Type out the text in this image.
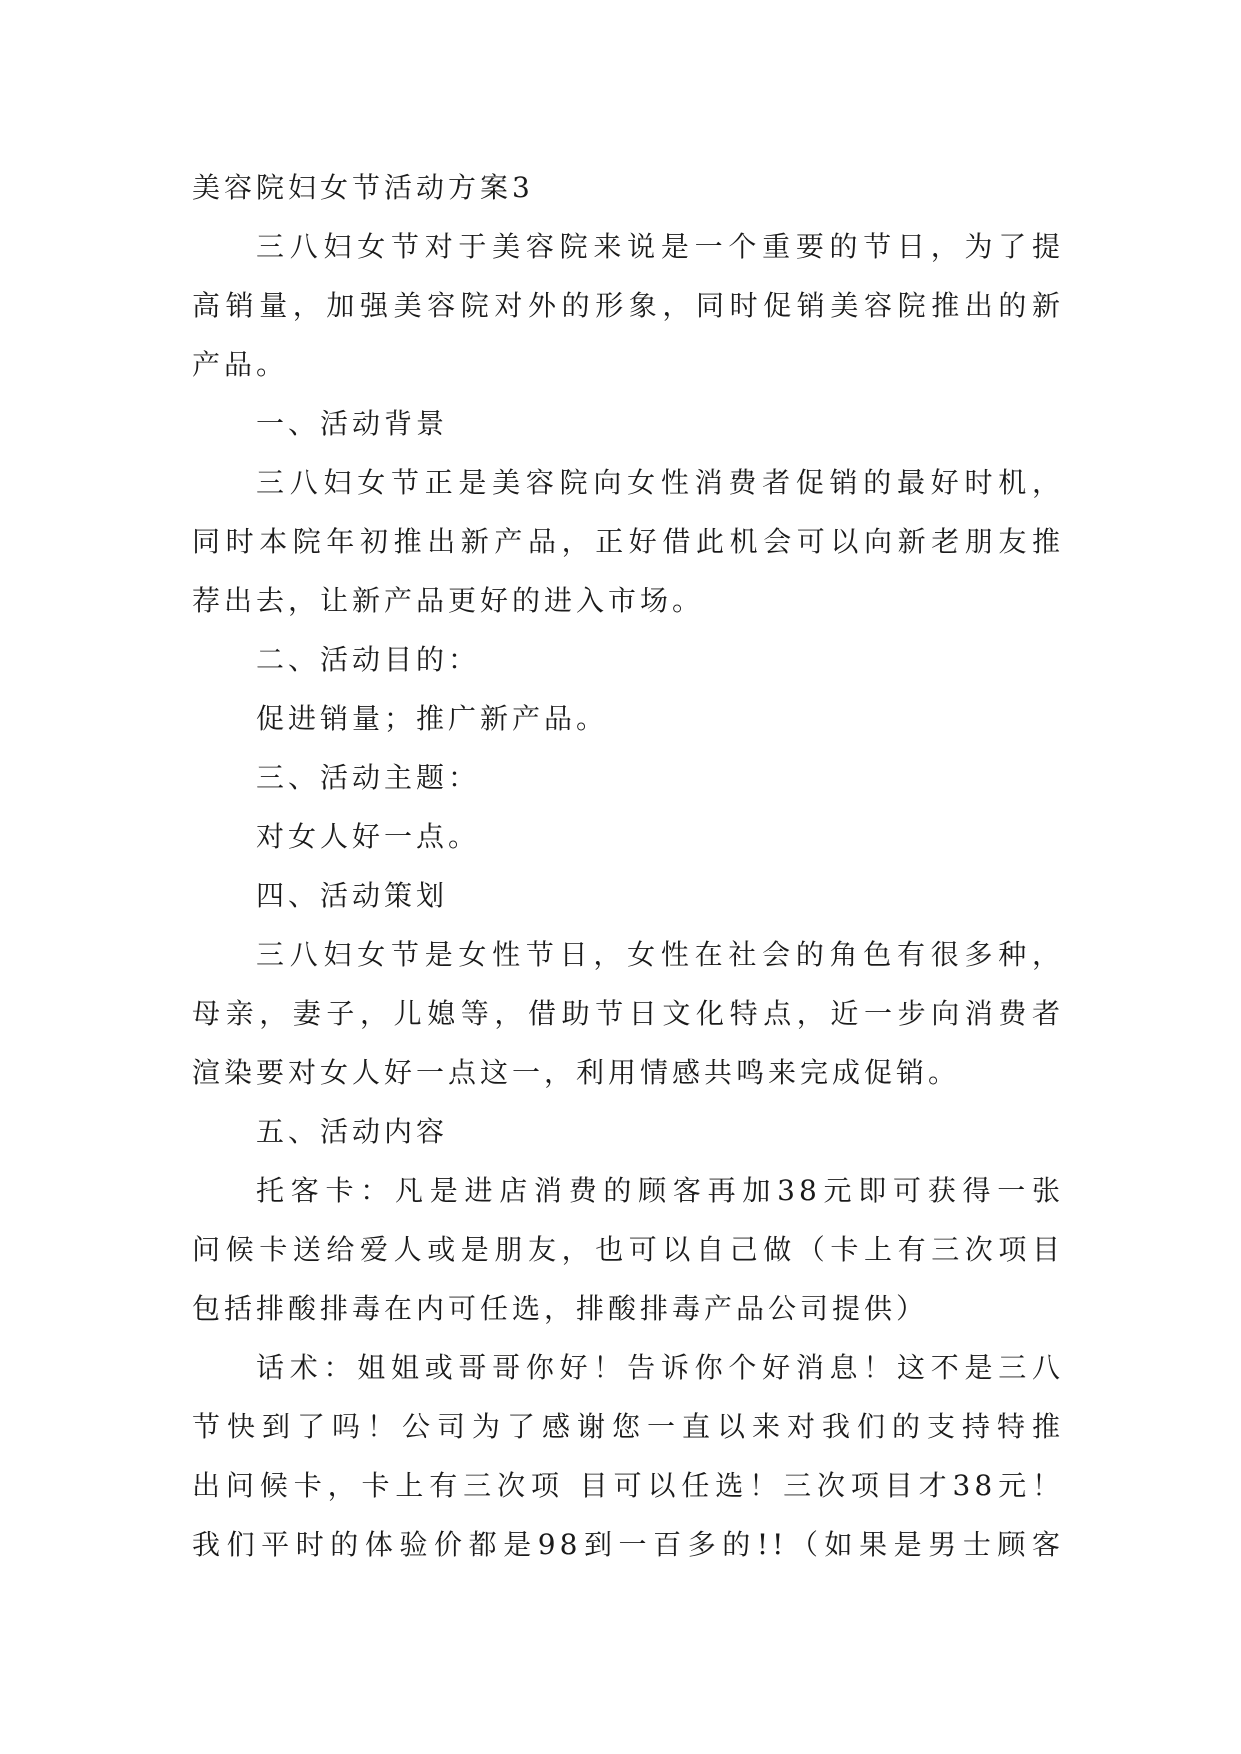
美容院妇女节活动方案3
三八妇女节对于美容院来说是一个重要的节日，为了提
高销量，加强美容院对外的形象，同时促销美容院推出的新
产品。
一、活动背景
三八妇女节正是美容院向女性消费者促销的最好时机，
同时本院年初推出新产品，正好借此机会可以向新老朋友推
荐出去，让新产品更好的进入市场。
二、活动目的：
促进销量；推广新产品。
三、活动主题：
对女人好一点。
四、活动策划
三八妇女节是女性节日，女性在社会的角色有很多种，
母亲，妻子，儿媳等，借助节日文化特点，近一步向消费者
渲染要对女人好一点这一，利用情感共鸣来完成促销。
五、活动内容
托客卡：凡是进店消费的顾客再加38元即可获得一张
问候卡送给爱人或是朋友，也可以自己做（卡上有三次项目
包括排酸排毒在内可任选，排酸排毒产品公司提供）
话术：姐姐或哥哥你好！告诉你个好消息！这不是三八
节快到了吗！公司为了感谢您一直以来对我们的支持特推
出问候卡，卡上有三次项 目可以任选！三次项目才38元！
我们平时的体验价都是98到一百多的!!（如果是男士顾客
